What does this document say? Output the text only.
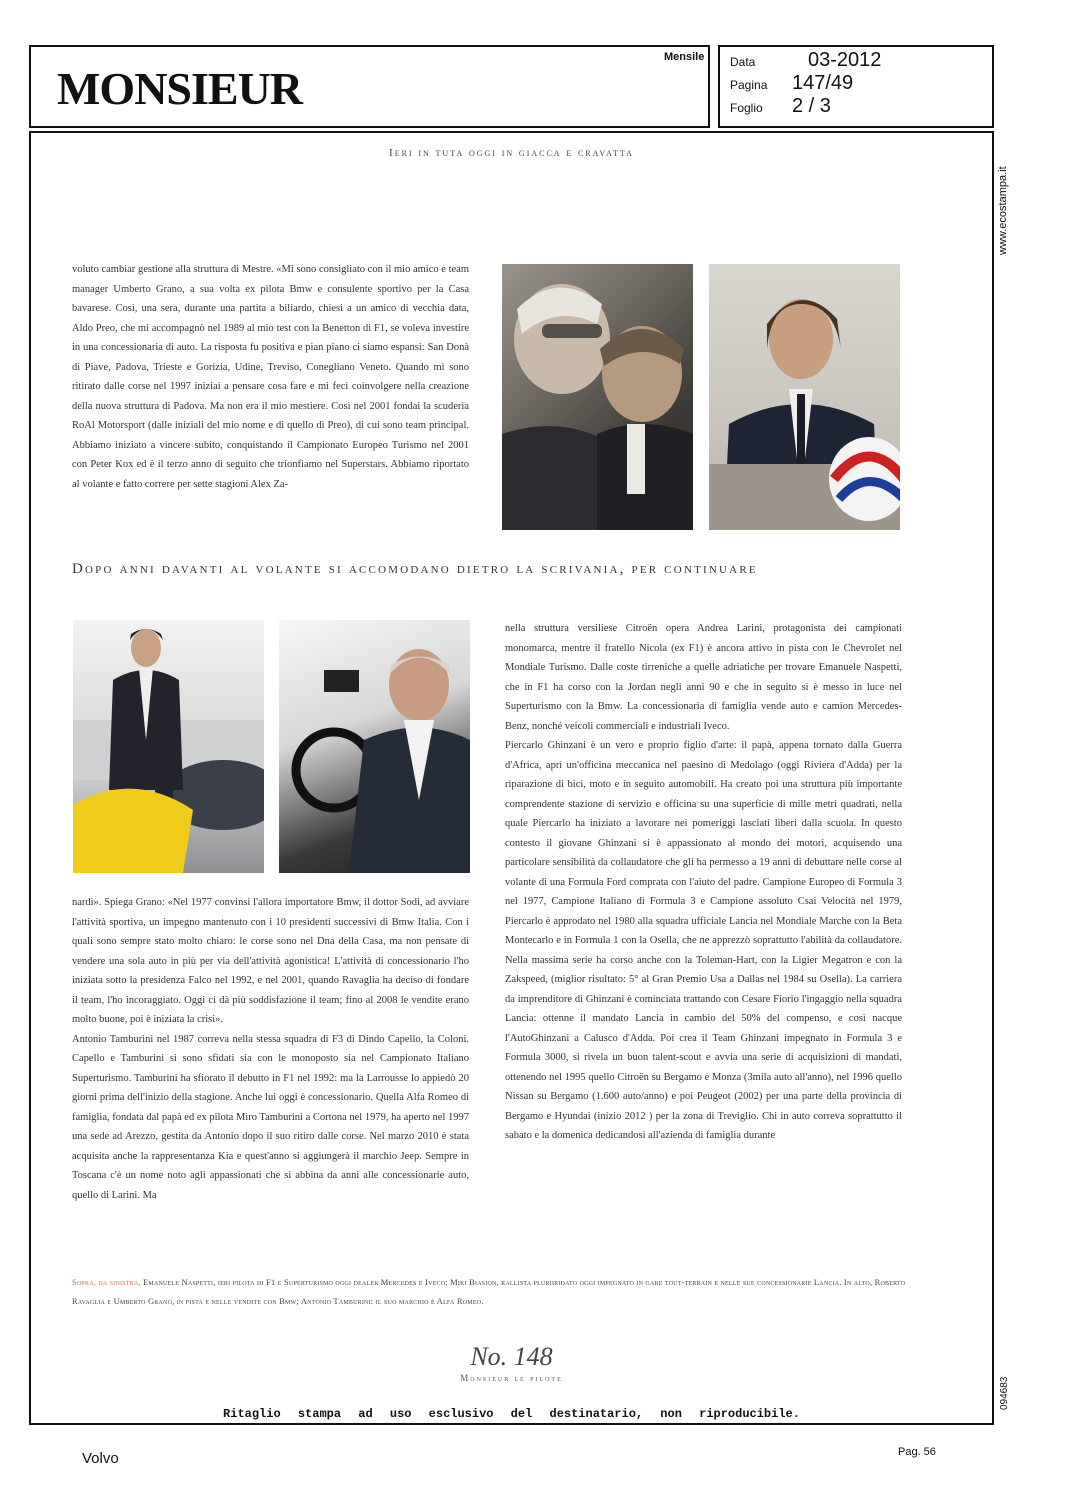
MONSIEUR
Mensile Data	03-2012
Pagina 147/49
Foglio 2 / 3
www.ecostampa.it
094683
Ieri in tuta oggi in giacca e cravatta

voluto cambiar gestione alla struttura di Mestre. «Mi sono consigliato con il mio amico e team manager Umberto Grano, a sua volta ex pilota Bmw e consulente sportivo per la Casa bavarese. Così, una sera, durante una partita a biliardo, chiesi a un amico di vecchia data, Aldo Preo, che mi accompagnò nel 1989 al mio test con la Benetton di F1, se voleva investire in una concessionaria di auto. La risposta fu positiva e pian piano ci siamo espansi: San Donà di Piave, Padova, Trieste e Gorizia, Udine, Treviso, Conegliano Veneto. Quando mi sono ritirato dalle corse nel 1997 iniziai a pensare cosa fare e mi feci coinvolgere nella creazione della nuova struttura di Padova. Ma non era il mio mestiere. Così nel 2001 fondai la scuderia RoAl Motorsport (dalle iniziali del mio nome e di quello di Preo), di cui sono team principal. Abbiamo iniziato a vincere subito, conquistando il Campionato Europeo Turismo nel 2001 con Peter Kox ed è il terzo anno di seguito che trionfiamo nel Superstars. Abbiamo riportato al volante e fatto correre per sette stagioni Alex Za-

Dopo anni davanti al volante si accomodano dietro la scrivania, per continuare

nardi». Spiega Grano: «Nel 1977 convinsi l'allora importatore Bmw, il dottor Sodi, ad avviare l'attività sportiva, un impegno mantenuto con i 10 presidenti successivi di Bmw Italia. Con i quali sono sempre stato molto chiaro: le corse sono nel Dna della Casa, ma non pensate di vendere una sola auto in più per via dell'attività agonistica! L'attività di concessionario l'ho iniziata sotto la presidenza Falco nel 1992, e nel 2001, quando Ravaglia ha deciso di fondare il team, l'ho incoraggiato. Oggi ci dà più soddisfazione il team; fino al 2008 le vendite erano molto buone, poi è iniziata la crisi».

Antonio Tamburini nel 1987 correva nella stessa squadra di F3 di Dindo Capello, la Coloni. Capello e Tamburini si sono sfidati sia con le monoposto sia nel Campionato Italiano Superturismo. Tamburini ha sfiorato il debutto in F1 nel 1992: ma la Larrousse lo appiedò 20 giorni prima dell'inizio della stagione. Anche lui oggi è concessionario. Quella Alfa Romeo di famiglia, fondata dal papà ed ex pilota Miro Tamburini a Cortona nel 1979, ha aperto nel 1997 una sede ad Arezzo, gestita da Antonio dopo il suo ritiro dalle corse. Nel marzo 2010 è stata acquisita anche la rappresentanza Kia e quest'anno si aggiungerà il marchio Jeep. Sempre in Toscana c'è un nome noto agli appassionati che si abbina da anni alle concessionarie auto, quello di Larini. Ma

nella struttura versiliese Citroën opera Andrea Larini, protagonista dei campionati monomarca, mentre il fratello Nicola (ex F1) è ancora attivo in pista con le Chevrolet nel Mondiale Turismo. Dalle coste tirreniche a quelle adriatiche per trovare Emanuele Naspetti, che in F1 ha corso con la Jordan negli anni 90 e che in seguito si è messo in luce nel Superturismo con la Bmw. La concessionaria di famiglia vende auto e camion Mercedes-Benz, nonché veicoli commerciali e industriali Iveco.

Piercarlo Ghinzani è un vero e proprio figlio d'arte: il papà, appena tornato dalla Guerra d'Africa, aprì un'officina meccanica nel paesino di Medolago (oggi Riviera d'Adda) per la riparazione di bici, moto e in seguito automobili. Ha creato poi una struttura più importante comprendente stazione di servizio e officina su una superficie di mille metri quadrati, nella quale Piercarlo ha iniziato a lavorare nei pomeriggi lasciati liberi dalla scuola. In questo contesto il giovane Ghinzani si è appassionato al mondo dei motori, acquisendo una particolare sensibilità da collaudatore che gli ha permesso a 19 anni di debuttare nelle corse al volante di una Formula Ford comprata con l'aiuto del padre. Campione Europeo di Formula 3 nel 1977, Campione Italiano di Formula 3 e Campione assoluto Csai Velocità nel 1979, Piercarlo è approdato nel 1980 alla squadra ufficiale Lancia nel Mondiale Marche con la Beta Montecarlo e in Formula 1 con la Osella, che ne apprezzò soprattutto l'abilità da collaudatore. Nella massima serie ha corso anche con la Toleman-Hart, con la Ligier Megatron e con la Zakspeed, (miglior risultato: 5° al Gran Premio Usa a Dallas nel 1984 su Osella). La carriera da imprenditore di Ghinzani è cominciata trattando con Cesare Fiorio l'ingaggio nella squadra Lancia: ottenne il mandato Lancia in cambio del 50% del compenso, e così nacque l'AutoGhinzani a Calusco d'Adda. Poi crea il Team Ghinzani impegnato in Formula 3 e Formula 3000, si rivela un buon talent-scout e avvia una serie di acquisizioni di mandati, ottenendo nel 1995 quello Citroën su Bergamo e Monza (3mila auto all'anno), nel 1996 quello Nissan su Bergamo (1.600 auto/anno) e poi Peugeot (2002) per una parte della provincia di Bergamo e Hyundai (inizio 2012 ) per la zona di Treviglio. Chi in auto correva soprattutto il sabato e la domenica dedicandosi all'azienda di famiglia durante

Sopra, da sinistra, Emanuele Naspetti, ieri pilota di F1 e Superturismo oggi dealer Mercedes e Iveco; Miki Biasion, rallista pluriiridato oggi impegnato in gare tout-terrain e nelle sue concessionarie Lancia. In alto, Roberto Ravaglia e Umberto Grano, in pista e nelle vendite con Bmw; Antonio Tamburini: il suo marchio è Alfa Romeo.
No. 148
Monsieur le pilote
Ritaglio stampa ad uso esclusivo del destinatario, non riproducibile.
Volvo	Pag. 56
